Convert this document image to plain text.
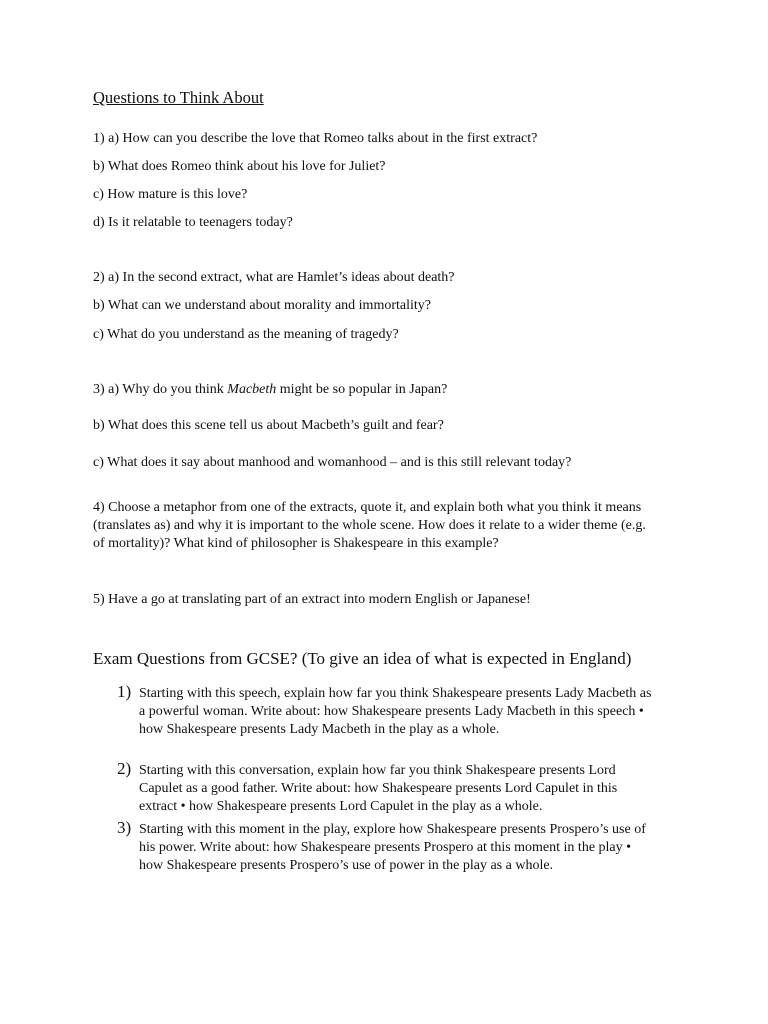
Questions to Think About

1) a) How can you describe the love that Romeo talks about in the first extract?

b) What does Romeo think about his love for Juliet?

c) How mature is this love?

d) Is it relatable to teenagers today?

2) a) In the second extract, what are Hamlet’s ideas about death?

b) What can we understand about morality and immortality?

c) What do you understand as the meaning of tragedy?

3) a) Why do you think Macbeth might be so popular in Japan?

b) What does this scene tell us about Macbeth’s guilt and fear?

c) What does it say about manhood and womanhood – and is this still relevant today?

4) Choose a metaphor from one of the extracts, quote it, and explain both what you think it means (translates as) and why it is important to the whole scene. How does it relate to a wider theme (e.g. of mortality)? What kind of philosopher is Shakespeare in this example?

5) Have a go at translating part of an extract into modern English or Japanese!

Exam Questions from GCSE? (To give an idea of what is expected in England)

1) Starting with this speech, explain how far you think Shakespeare presents Lady Macbeth as a powerful woman. Write about: how Shakespeare presents Lady Macbeth in this speech • how Shakespeare presents Lady Macbeth in the play as a whole.
2) Starting with this conversation, explain how far you think Shakespeare presents Lord Capulet as a good father. Write about: how Shakespeare presents Lord Capulet in this extract • how Shakespeare presents Lord Capulet in the play as a whole.
3) Starting with this moment in the play, explore how Shakespeare presents Prospero’s use of his power. Write about: how Shakespeare presents Prospero at this moment in the play • how Shakespeare presents Prospero’s use of power in the play as a whole.
